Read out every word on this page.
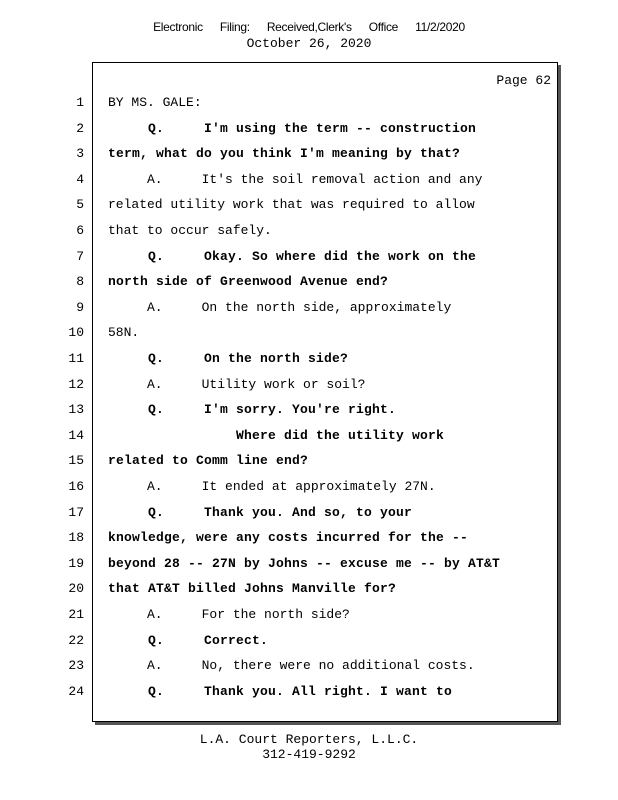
Electronic Filing: Received,Clerk's Office 11/2/2020
October 26, 2020
Page 62
1 BY MS. GALE:
2 Q.     I'm using the term -- construction
3 term, what do you think I'm meaning by that?
4 A.     It's the soil removal action and any
5 related utility work that was required to allow
6 that to occur safely.
7 Q.     Okay. So where did the work on the
8 north side of Greenwood Avenue end?
9 A.     On the north side, approximately
10 58N.
11 Q.     On the north side?
12 A.     Utility work or soil?
13 Q.     I'm sorry. You're right.
14 Where did the utility work
15 related to Comm line end?
16 A.     It ended at approximately 27N.
17 Q.     Thank you. And so, to your
18 knowledge, were any costs incurred for the --
19 beyond 28 -- 27N by Johns -- excuse me -- by AT&T
20 that AT&T billed Johns Manville for?
21 A.     For the north side?
22 Q.     Correct.
23 A.     No, there were no additional costs.
24 Q.     Thank you. All right. I want to
L.A. Court Reporters, L.L.C.
312-419-9292
